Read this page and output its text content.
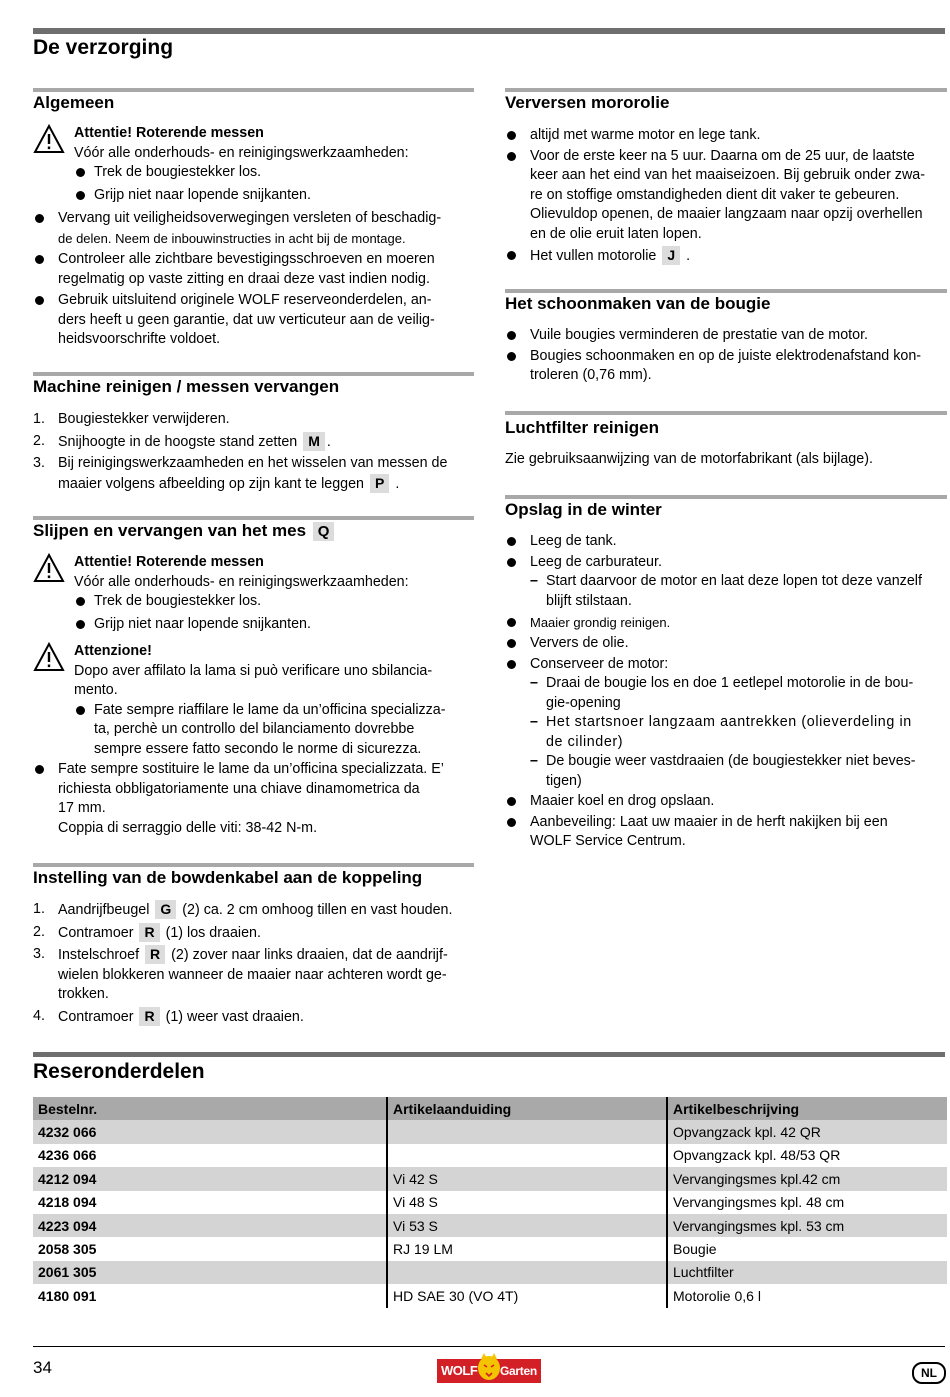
De verzorging
Algemeen
Attentie! Roterende messen
Vóór alle onderhouds- en reinigingswerkzaamheden:
Trek de bougiestekker los.
Grijp niet naar lopende snijkanten.
Vervang uit veiligheidsoverwegingen versleten of beschadig-
de delen. Neem de inbouwinstructies in acht bij de montage.
Controleer alle zichtbare bevestigingsschroeven en moeren
regelmatig op vaste zitting en draai deze vast indien nodig.
Gebruik uitsluitend originele WOLF reserveonderdelen, an-
ders heeft u geen garantie, dat uw verticuteur aan de veilig-
heidsvoorschrifte voldoet.
Machine reinigen / messen vervangen
1. Bougiestekker verwijderen.
2. Snijhoogte in de hoogste stand zetten M .
3. Bij reinigingswerkzaamheden en het wisselen van messen de
maaier volgens afbeelding op zijn kant te leggen P .
Slijpen en vervangen van het mes Q
Attentie! Roterende messen
Vóór alle onderhouds- en reinigingswerkzaamheden:
Trek de bougiestekker los.
Grijp niet naar lopende snijkanten.
Attenzione!
Dopo aver affilato la lama si può verificare uno sbilancia-
mento.
Fate sempre riaffilare le lame da un’officina specializza-
ta, perchè un controllo del bilanciamento dovrebbe
sempre essere fatto secondo le norme di sicurezza.
Fate sempre sostituire le lame da un’officina specializzata. E’
richiesta obbligatoriamente una chiave dinamometrica da
17 mm.
Coppia di serraggio delle viti: 38-42 N-m.
Instelling van de bowdenkabel aan de koppeling
1. Aandrijfbeugel G (2) ca. 2 cm omhoog tillen en vast houden.
2. Contramoer R (1) los draaien.
3. Instelschroef R (2) zover naar links draaien, dat de aandrijf-
wielen blokkeren wanneer de maaier naar achteren wordt ge-
trokken.
4. Contramoer R (1) weer vast draaien.
Verversen mororolie
altijd met warme motor en lege tank.
Voor de erste keer na 5 uur. Daarna om de 25 uur, de laatste
keer aan het eind van het maaiseizoen. Bij gebruik onder zwa-
re on stoffige omstandigheden dient dit vaker te gebeuren.
Olievuldop openen, de maaier langzaam naar opzij overhellen
en de olie eruit laten lopen.
Het vullen motorolie J .
Het schoonmaken van de bougie
Vuile bougies verminderen de prestatie van de motor.
Bougies schoonmaken en op de juiste elektrodenafstand kon-
troleren (0,76 mm).
Luchtfilter reinigen
Zie gebruiksaanwijzing van de motorfabrikant (als bijlage).
Opslag in de winter
Leeg de tank.
Leeg de carburateur.
– Start daarvoor de motor en laat deze lopen tot deze vanzelf
blijft stilstaan.
Maaier grondig reinigen.
Ververs de olie.
Conserveer de motor:
– Draai de bougie los en doe 1 eetlepel motorolie in de bou-
gie-opening
– Het startsnoer langzaam aantrekken (olieverdeling in
de cilinder)
– De bougie weer vastdraaien (de bougiestekker niet beves-
tigen)
Maaier koel en drog opslaan.
Aanbeveiling: Laat uw maaier in de herft nakijken bij een
WOLF Service Centrum.
Reseronderdelen
Bestelnr.	Artikelaanduiding	Artikelbeschrijving
4232 066		Opvangzack kpl. 42 QR
4236 066		Opvangzack kpl. 48/53 QR
4212 094	Vi 42 S	Vervangingsmes kpl.42 cm
4218 094	Vi 48 S	Vervangingsmes kpl. 48 cm
4223 094	Vi 53 S	Vervangingsmes kpl. 53 cm
2058 305	RJ 19 LM	Bougie
2061 305		Luchtfilter
4180 091	HD SAE 30 (VO 4T)	Motorolie 0,6 l
34	WOLF Garten	NL
